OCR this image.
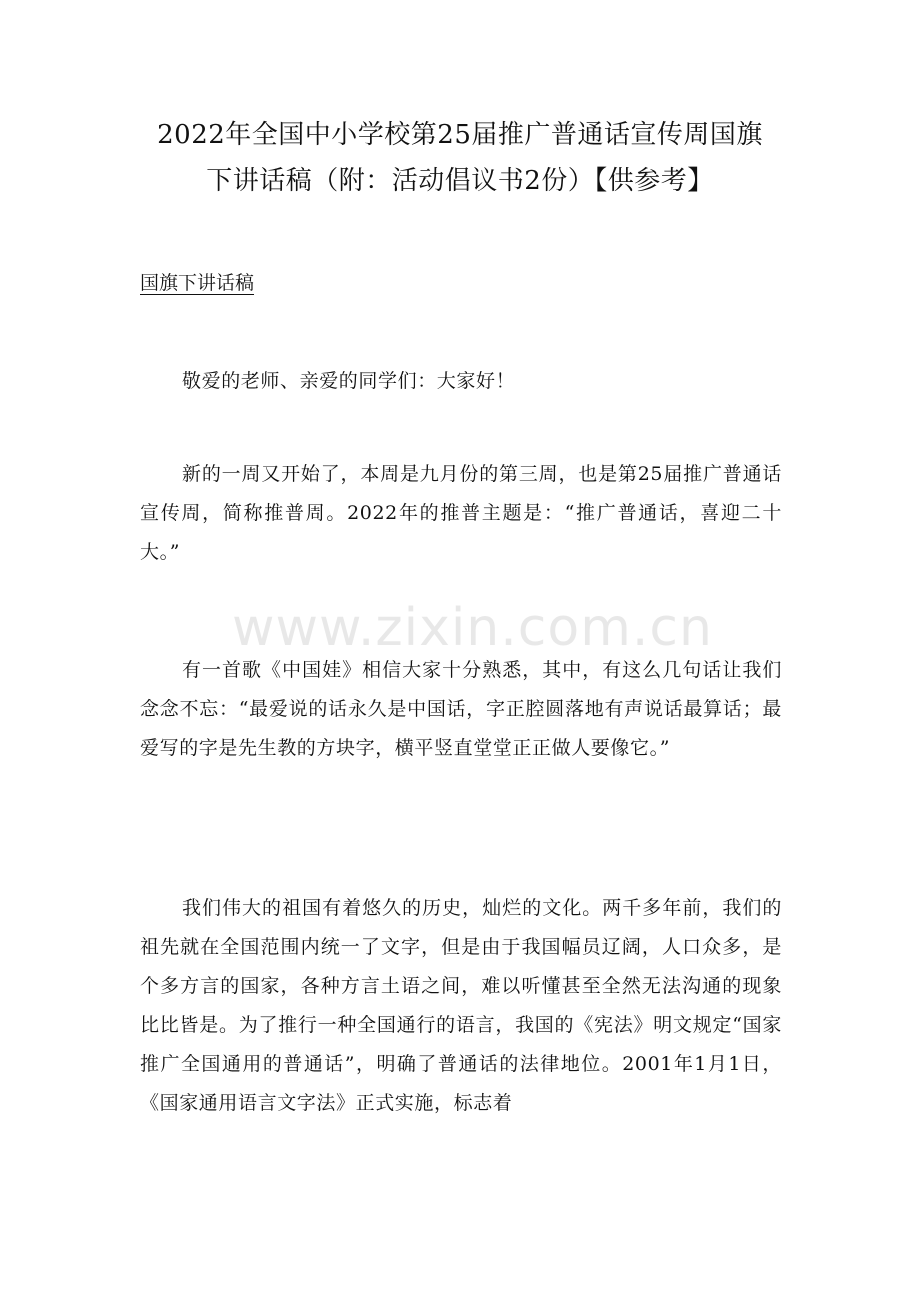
2022年全国中小学校第25届推广普通话宣传周国旗
下讲话稿（附：活动倡议书2份）【供参考】
国旗下讲话稿

敬爱的老师、亲爱的同学们：大家好！

新的一周又开始了，本周是九月份的第三周，也是第25届推广普通话宣传周，简称推普周。2022年的推普主题是：“推广普通话，喜迎二十大。”

有一首歌《中国娃》相信大家十分熟悉，其中，有这么几句话让我们念念不忘：“最爱说的话永久是中国话，字正腔圆落地有声说话最算话；最爱写的字是先生教的方块字，横平竖直堂堂正正做人要像它。”

我们伟大的祖国有着悠久的历史，灿烂的文化。两千多年前，我们的祖先就在全国范围内统一了文字，但是由于我国幅员辽阔，人口众多，是个多方言的国家，各种方言土语之间，难以听懂甚至全然无法沟通的现象比比皆是。为了推行一种全国通行的语言，我国的《宪法》明文规定“国家推广全国通用的普通话”，明确了普通话的法律地位。2001年1月1日，《国家通用语言文字法》正式实施，标志着

www.zixin.com.cn
